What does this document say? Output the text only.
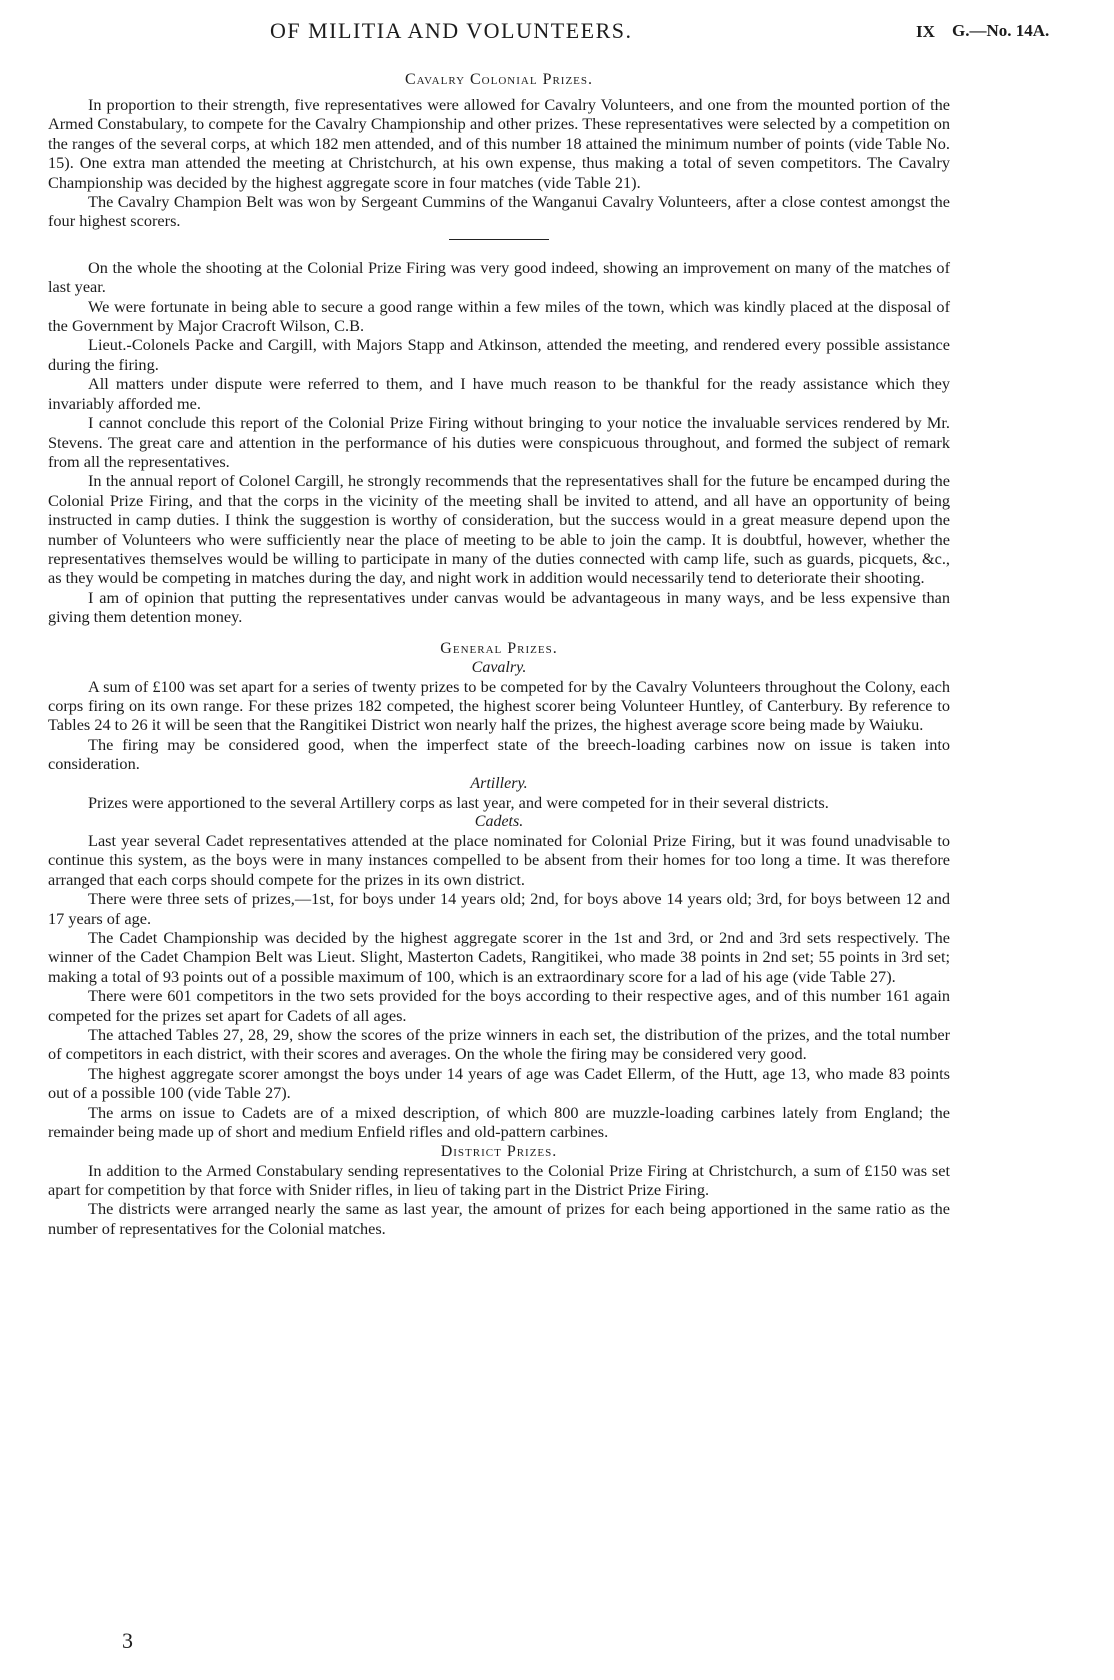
OF MILITIA AND VOLUNTEERS.	IX G.—No. 14A.
Cavalry Colonial Prizes.

In proportion to their strength, five representatives were allowed for Cavalry Volunteers, and one from the mounted portion of the Armed Constabulary, to compete for the Cavalry Championship and other prizes. These representatives were selected by a competition on the ranges of the several corps, at which 182 men attended, and of this number 18 attained the minimum number of points (vide Table No. 15). One extra man attended the meeting at Christchurch, at his own expense, thus making a total of seven competitors. The Cavalry Championship was decided by the highest aggregate score in four matches (vide Table 21).

The Cavalry Champion Belt was won by Sergeant Cummins of the Wanganui Cavalry Volunteers, after a close contest amongst the four highest scorers.

On the whole the shooting at the Colonial Prize Firing was very good indeed, showing an improvement on many of the matches of last year.

We were fortunate in being able to secure a good range within a few miles of the town, which was kindly placed at the disposal of the Government by Major Cracroft Wilson, C.B.

Lieut.-Colonels Packe and Cargill, with Majors Stapp and Atkinson, attended the meeting, and rendered every possible assistance during the firing.

All matters under dispute were referred to them, and I have much reason to be thankful for the ready assistance which they invariably afforded me.

I cannot conclude this report of the Colonial Prize Firing without bringing to your notice the invaluable services rendered by Mr. Stevens. The great care and attention in the performance of his duties were conspicuous throughout, and formed the subject of remark from all the representatives.

In the annual report of Colonel Cargill, he strongly recommends that the representatives shall for the future be encamped during the Colonial Prize Firing, and that the corps in the vicinity of the meeting shall be invited to attend, and all have an opportunity of being instructed in camp duties. I think the suggestion is worthy of consideration, but the success would in a great measure depend upon the number of Volunteers who were sufficiently near the place of meeting to be able to join the camp. It is doubtful, however, whether the representatives themselves would be willing to participate in many of the duties connected with camp life, such as guards, picquets, &c., as they would be competing in matches during the day, and night work in addition would necessarily tend to deteriorate their shooting.

I am of opinion that putting the representatives under canvas would be advantageous in many ways, and be less expensive than giving them detention money.

General Prizes.
Cavalry.

A sum of £100 was set apart for a series of twenty prizes to be competed for by the Cavalry Volunteers throughout the Colony, each corps firing on its own range. For these prizes 182 competed, the highest scorer being Volunteer Huntley, of Canterbury. By reference to Tables 24 to 26 it will be seen that the Rangitikei District won nearly half the prizes, the highest average score being made by Waiuku.

The firing may be considered good, when the imperfect state of the breech-loading carbines now on issue is taken into consideration.

Artillery.

Prizes were apportioned to the several Artillery corps as last year, and were competed for in their several districts.

Cadets.

Last year several Cadet representatives attended at the place nominated for Colonial Prize Firing, but it was found unadvisable to continue this system, as the boys were in many instances compelled to be absent from their homes for too long a time. It was therefore arranged that each corps should compete for the prizes in its own district.

There were three sets of prizes,—1st, for boys under 14 years old; 2nd, for boys above 14 years old; 3rd, for boys between 12 and 17 years of age.

The Cadet Championship was decided by the highest aggregate scorer in the 1st and 3rd, or 2nd and 3rd sets respectively. The winner of the Cadet Champion Belt was Lieut. Slight, Masterton Cadets, Rangitikei, who made 38 points in 2nd set; 55 points in 3rd set; making a total of 93 points out of a possible maximum of 100, which is an extraordinary score for a lad of his age (vide Table 27).

There were 601 competitors in the two sets provided for the boys according to their respective ages, and of this number 161 again competed for the prizes set apart for Cadets of all ages.

The attached Tables 27, 28, 29, show the scores of the prize winners in each set, the distribution of the prizes, and the total number of competitors in each district, with their scores and averages. On the whole the firing may be considered very good.

The highest aggregate scorer amongst the boys under 14 years of age was Cadet Ellerm, of the Hutt, age 13, who made 83 points out of a possible 100 (vide Table 27).

The arms on issue to Cadets are of a mixed description, of which 800 are muzzle-loading carbines lately from England; the remainder being made up of short and medium Enfield rifles and old-pattern carbines.

District Prizes.

In addition to the Armed Constabulary sending representatives to the Colonial Prize Firing at Christchurch, a sum of £150 was set apart for competition by that force with Snider rifles, in lieu of taking part in the District Prize Firing.

The districts were arranged nearly the same as last year, the amount of prizes for each being apportioned in the same ratio as the number of representatives for the Colonial matches.

3
